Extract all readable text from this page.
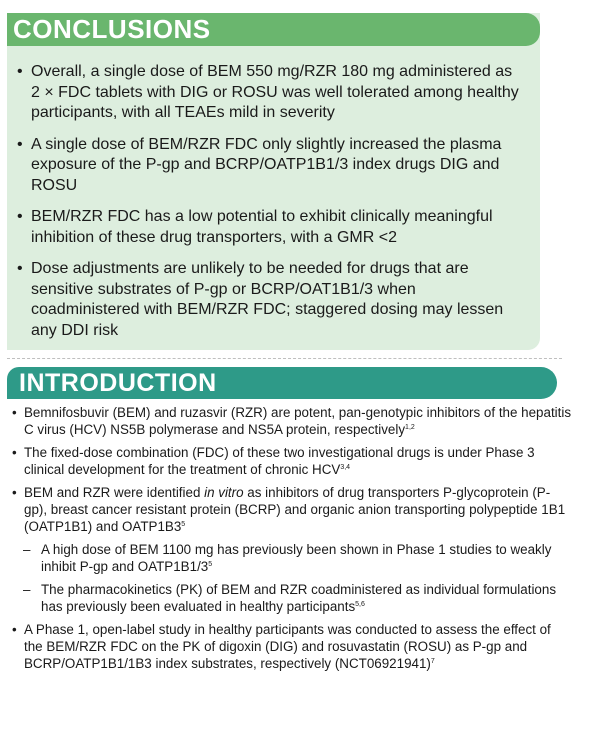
CONCLUSIONS
• Overall, a single dose of BEM 550 mg/RZR 180 mg administered as 2 × FDC tablets with DIG or ROSU was well tolerated among healthy participants, with all TEAEs mild in severity
• A single dose of BEM/RZR FDC only slightly increased the plasma exposure of the P-gp and BCRP/OATP1B1/3 index drugs DIG and ROSU
• BEM/RZR FDC has a low potential to exhibit clinically meaningful inhibition of these drug transporters, with a GMR <2
• Dose adjustments are unlikely to be needed for drugs that are sensitive substrates of P-gp or BCRP/OAT1B1/3 when coadministered with BEM/RZR FDC; staggered dosing may lessen any DDI risk
INTRODUCTION
• Bemnifosbuvir (BEM) and ruzasvir (RZR) are potent, pan-genotypic inhibitors of the hepatitis C virus (HCV) NS5B polymerase and NS5A protein, respectively$^{1,2}$
• The fixed-dose combination (FDC) of these two investigational drugs is under Phase 3 clinical development for the treatment of chronic HCV$^{3,4}$
• BEM and RZR were identified in vitro as inhibitors of drug transporters P-glycoprotein (P-gp), breast cancer resistant protein (BCRP) and organic anion transporting polypeptide 1B1 (OATP1B1) and $OATP1B3^5$
– A high dose of BEM 1100 mg has previously been shown in Phase 1 studies to weakly inhibit P-gp and $OATP1B1/3^5$
– The pharmacokinetics (PK) of BEM and RZR coadministered as individual formulations has previously been evaluated in healthy participants$^{5,6}$
• A Phase 1, open-label study in healthy participants was conducted to assess the effect of the BEM/RZR FDC on the PK of digoxin (DIG) and rosuvastatin (ROSU) as P-gp and BCRP/OATP1B1/1B3 index substrates, respectively $(NCT06921941)^7$
